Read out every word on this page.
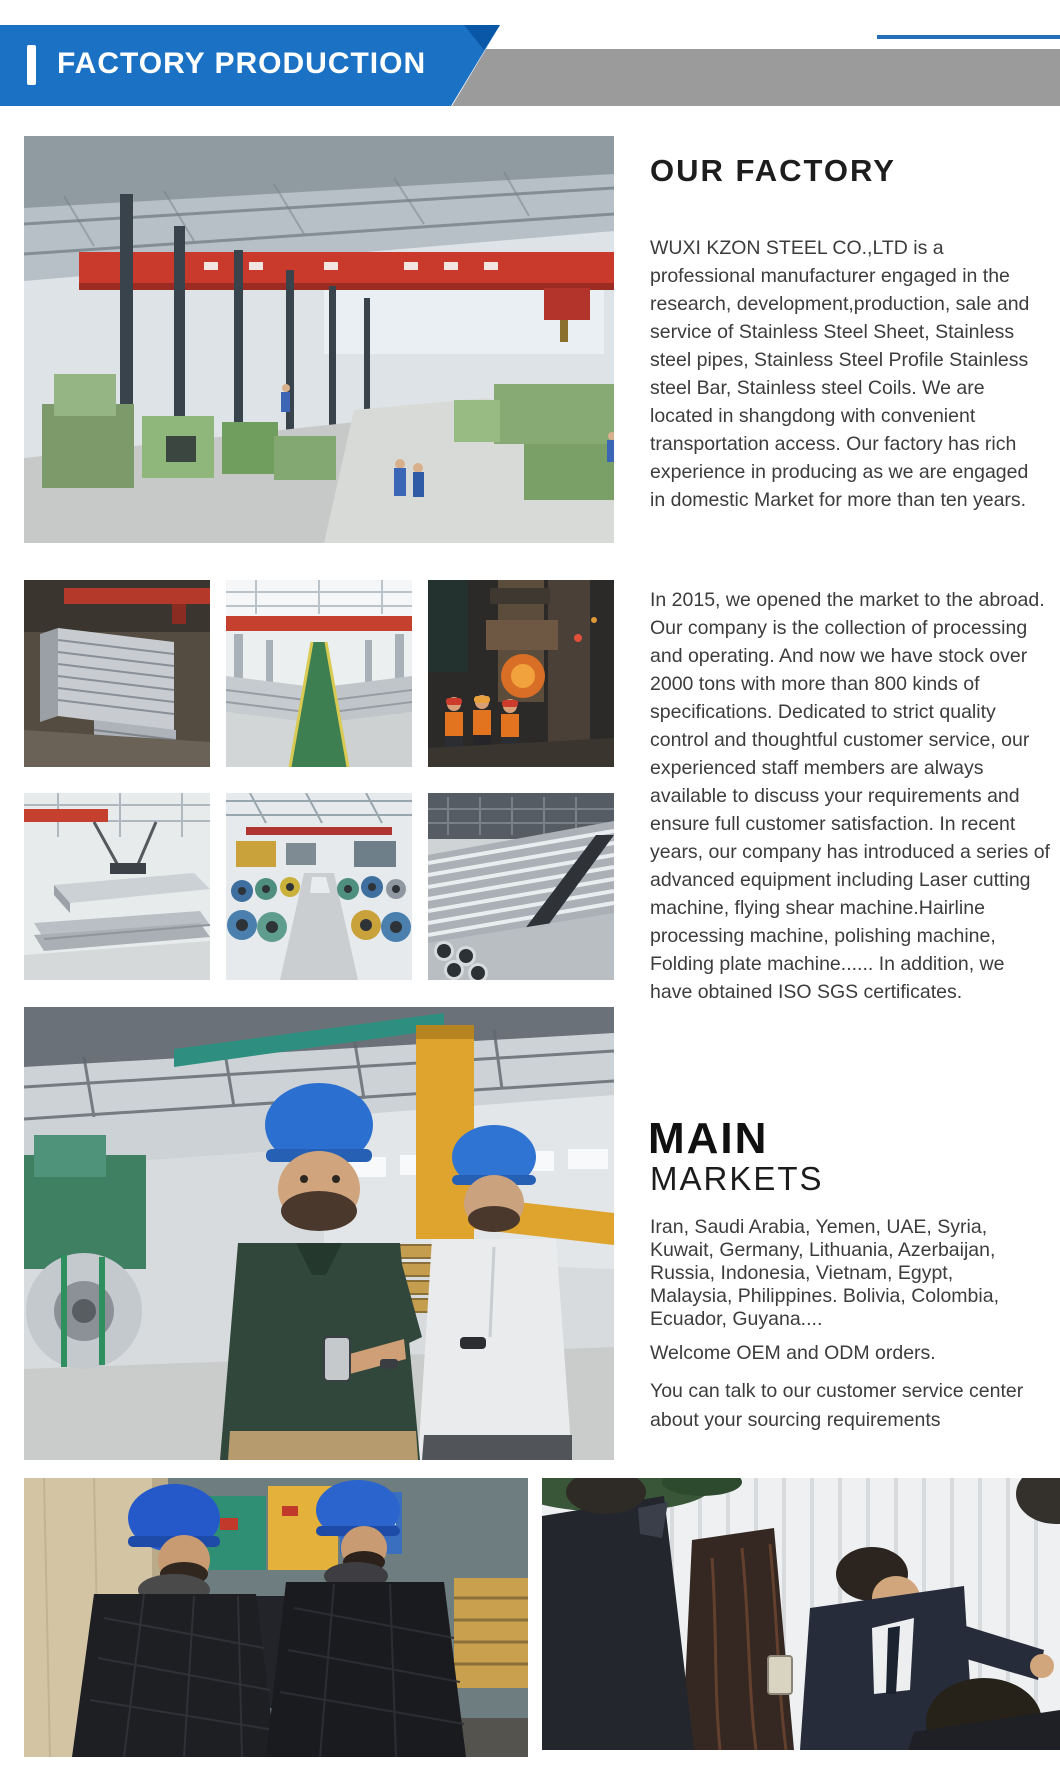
FACTORY PRODUCTION
OUR FACTORY

WUXI KZON STEEL CO.,LTD is a professional manufacturer engaged in the research, development,production, sale and service of Stainless Steel Sheet, Stainless steel pipes, Stainless Steel Profile Stainless steel Bar, Stainless steel Coils. We are located in shangdong with convenient transportation access. Our factory has rich experience in producing as we are engaged in domestic Market for more than ten years.

In 2015, we opened the market to the abroad. Our company is the collection of processing and operating. And now we have stock over 2000 tons with more than 800 kinds of specifications. Dedicated to strict quality control and thoughtful customer service, our experienced staff members are always available to discuss your requirements and ensure full customer satisfaction. In recent years, our company has introduced a series of advanced equipment including Laser cutting machine, flying shear machine.Hairline processing machine, polishing machine, Folding plate machine...... In addition, we have obtained ISO SGS certificates.

MAIN
MARKETS

Iran, Saudi Arabia, Yemen, UAE, Syria, Kuwait, Germany, Lithuania, Azerbaijan, Russia, Indonesia, Vietnam, Egypt, Malaysia, Philippines. Bolivia, Colombia, Ecuador, Guyana....

Welcome OEM and ODM orders.

You can talk to our customer service center about your sourcing requirements
